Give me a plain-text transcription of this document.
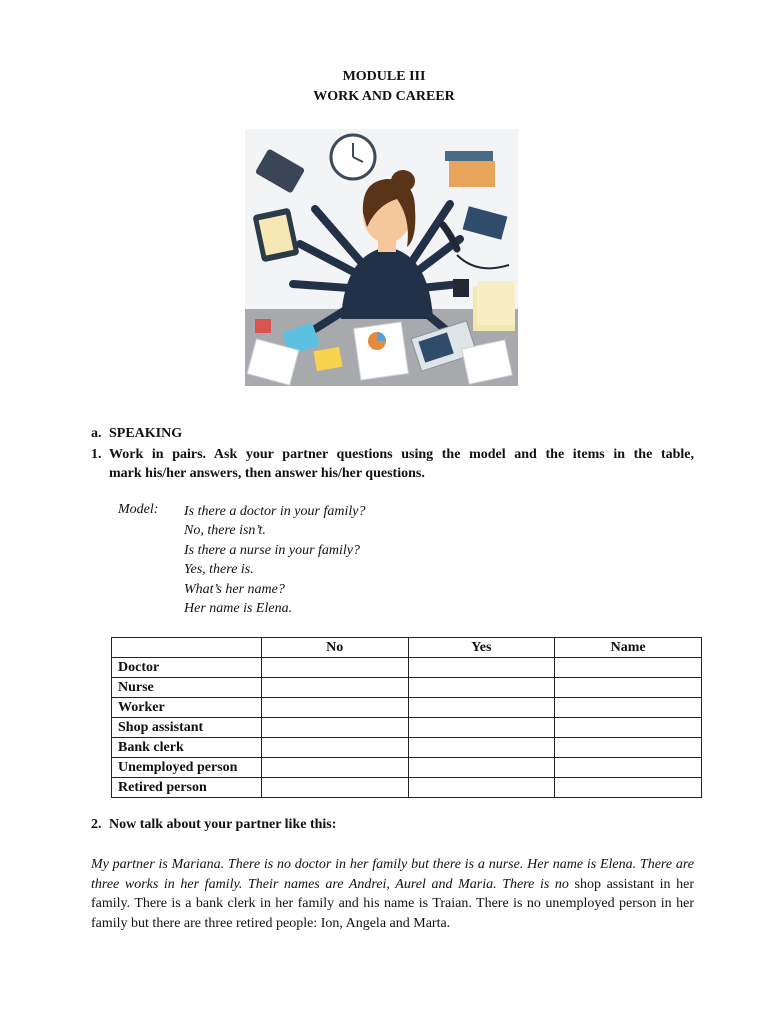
MODULE III
WORK AND CAREER
a. SPEAKING
1. Work in pairs. Ask your partner questions using the model and the items in the table,
mark his/her answers, then answer his/her questions.
Model: Is there a doctor in your family?
No, there isn’t.
Is there a nurse in your family?
Yes, there is.
What’s her name?
Her name is Elena.
	No	Yes	Name
Doctor			
Nurse			
Worker			
Shop assistant			
Bank clerk			
Unemployed person			
Retired person			
2. Now talk about your partner like this:
My partner is Mariana. There is no doctor in her family but there is a nurse. Her name is Elena. There are three works in her family. Their names are Andrei, Aurel and Maria. There is no shop assistant in her family. There is a bank clerk in her family and his name is Traian. There is no unemployed person in her family but there are three retired people: Ion, Angela and Marta.
